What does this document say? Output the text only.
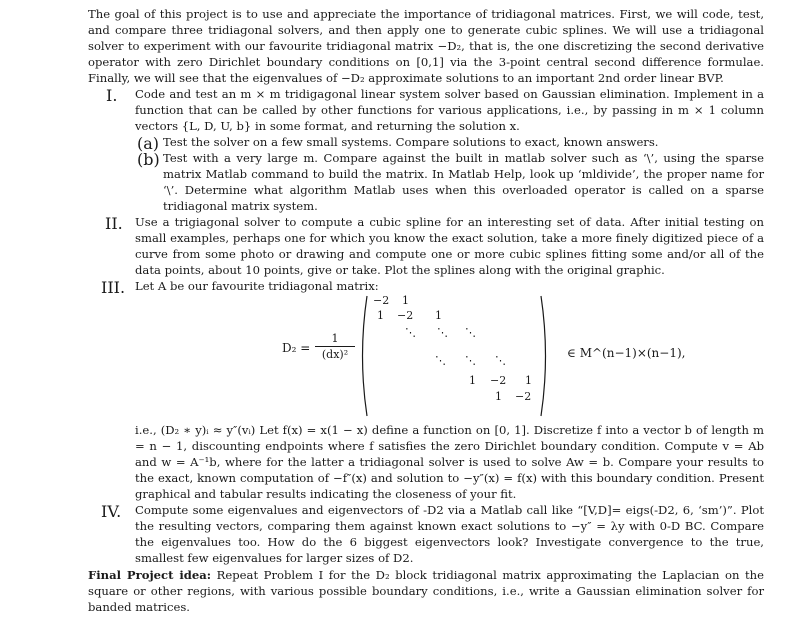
The goal of this project is to use and appreciate the importance of tridiagonal matrices. First, we will code, test, and compare three tridiagonal solvers, and then apply one to generate cubic splines. We will use a tridiagonal solver to experiment with our favourite tridiagonal matrix −D₂, that is, the one discretizing the second derivative operator with zero Dirichlet boundary conditions on [0,1] via the 3-point central second difference formulae. Finally, we will see that the eigenvalues of −D₂ approximate solutions to an important 2nd order linear BVP.

I. Code and test an m × m tridigagonal linear system solver based on Gaussian elimination. Implement in a function that can be called by other functions for various applications, i.e., by passing in m × 1 column vectors {L, D, U, b} in some format, and returning the solution x.

(a) Test the solver on a few small systems. Compare solutions to exact, known answers.

(b) Test with a very large m. Compare against the built in matlab solver such as ‘\’, using the sparse matrix Matlab command to build the matrix. In Matlab Help, look up ‘mldivide’, the proper name for ‘\’. Determine what algorithm Matlab uses when this overloaded operator is called on a sparse tridiagonal matrix system.

II. Use a trigiagonal solver to compute a cubic spline for an interesting set of data. After initial testing on small examples, perhaps one for which you know the exact solution, take a more finely digitized piece of a curve from some photo or drawing and compute one or more cubic splines fitting some and/or all of the data points, about 10 points, give or take. Plot the splines along with the original graphic.

III. Let A be our favourite tridiagonal matrix:

$D_2 = \frac{1}{\text{(dx)²}}$
−2 1
1 −2 1
⋱ ⋱ ⋱
⋱ ⋱ ⋱
1 −2 1
1 −2
∈ M^(n−1)×(n−1),

i.e., (D₂ ∗ y)ᵢ ≈ y″(vᵢ) Let f(x) = x(1 − x) define a function on [0, 1]. Discretize f into a vector b of length m = n − 1, discounting endpoints where f satisfies the zero Dirichlet boundary condition. Compute v = Ab and w = A⁻¹b, where for the latter a tridiagonal solver is used to solve Aw = b. Compare your results to the exact, known computation of −f″(x) and solution to −y″(x) = f(x) with this boundary condition. Present graphical and tabular results indicating the closeness of your fit.

IV. Compute some eigenvalues and eigenvectors of -D2 via a Matlab call like “[V,D]= eigs(-D2, 6, ‘sm’)”. Plot the resulting vectors, comparing them against known exact solutions to −y″ = λy with 0-D BC. Compare the eigenvalues too. How do the 6 biggest eigenvectors look? Investigate convergence to the true, smallest few eigenvalues for larger sizes of D2.

Final Project idea: Repeat Problem I for the D₂ block tridiagonal matrix approximating the Laplacian on the square or other regions, with various possible boundary conditions, i.e., write a Gaussian elimination solver for banded matrices.
